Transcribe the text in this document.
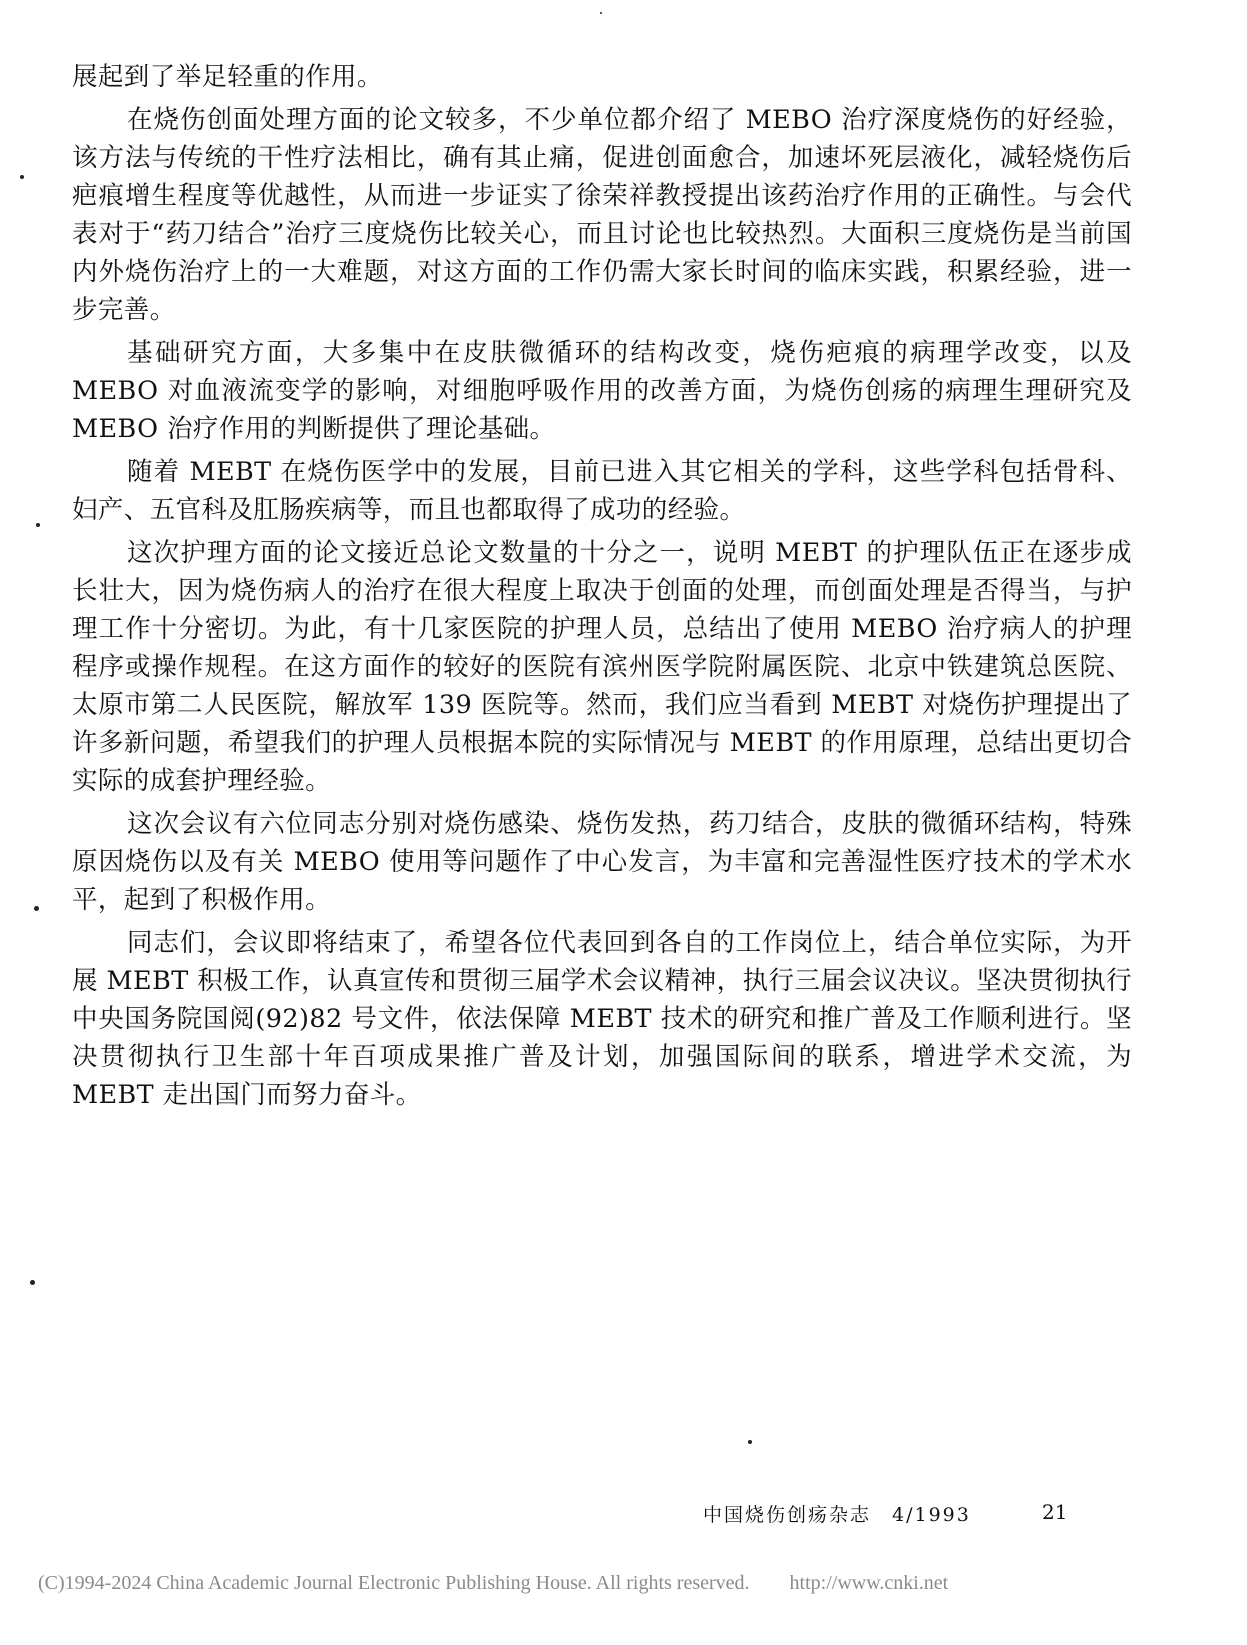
展起到了举足轻重的作用。

在烧伤创面处理方面的论文较多，不少单位都介绍了 MEBO 治疗深度烧伤的好经验，该方法与传统的干性疗法相比，确有其止痛，促进创面愈合，加速坏死层液化，减轻烧伤后疤痕增生程度等优越性，从而进一步证实了徐荣祥教授提出该药治疗作用的正确性。与会代表对于“药刀结合”治疗三度烧伤比较关心，而且讨论也比较热烈。大面积三度烧伤是当前国内外烧伤治疗上的一大难题，对这方面的工作仍需大家长时间的临床实践，积累经验，进一步完善。

基础研究方面，大多集中在皮肤微循环的结构改变，烧伤疤痕的病理学改变，以及 MEBO 对血液流变学的影响，对细胞呼吸作用的改善方面，为烧伤创疡的病理生理研究及 MEBO 治疗作用的判断提供了理论基础。

随着 MEBT 在烧伤医学中的发展，目前已进入其它相关的学科，这些学科包括骨科、妇产、五官科及肛肠疾病等，而且也都取得了成功的经验。

这次护理方面的论文接近总论文数量的十分之一，说明 MEBT 的护理队伍正在逐步成长壮大，因为烧伤病人的治疗在很大程度上取决于创面的处理，而创面处理是否得当，与护理工作十分密切。为此，有十几家医院的护理人员，总结出了使用 MEBO 治疗病人的护理程序或操作规程。在这方面作的较好的医院有滨州医学院附属医院、北京中铁建筑总医院、太原市第二人民医院，解放军 139 医院等。然而，我们应当看到 MEBT 对烧伤护理提出了许多新问题，希望我们的护理人员根据本院的实际情况与 MEBT 的作用原理，总结出更切合实际的成套护理经验。

这次会议有六位同志分别对烧伤感染、烧伤发热，药刀结合，皮肤的微循环结构，特殊原因烧伤以及有关 MEBO 使用等问题作了中心发言，为丰富和完善湿性医疗技术的学术水平，起到了积极作用。

同志们，会议即将结束了，希望各位代表回到各自的工作岗位上，结合单位实际，为开展 MEBT 积极工作，认真宣传和贯彻三届学术会议精神，执行三届会议决议。坚决贯彻执行中央国务院国阅(92)82 号文件，依法保障 MEBT 技术的研究和推广普及工作顺利进行。坚决贯彻执行卫生部十年百项成果推广普及计划，加强国际间的联系，增进学术交流，为 MEBT 走出国门而努力奋斗。

中国烧伤创疡杂志　4/1993	21
(C)1994-2024 China Academic Journal Electronic Publishing House. All rights reserved.　　http://www.cnki.net
